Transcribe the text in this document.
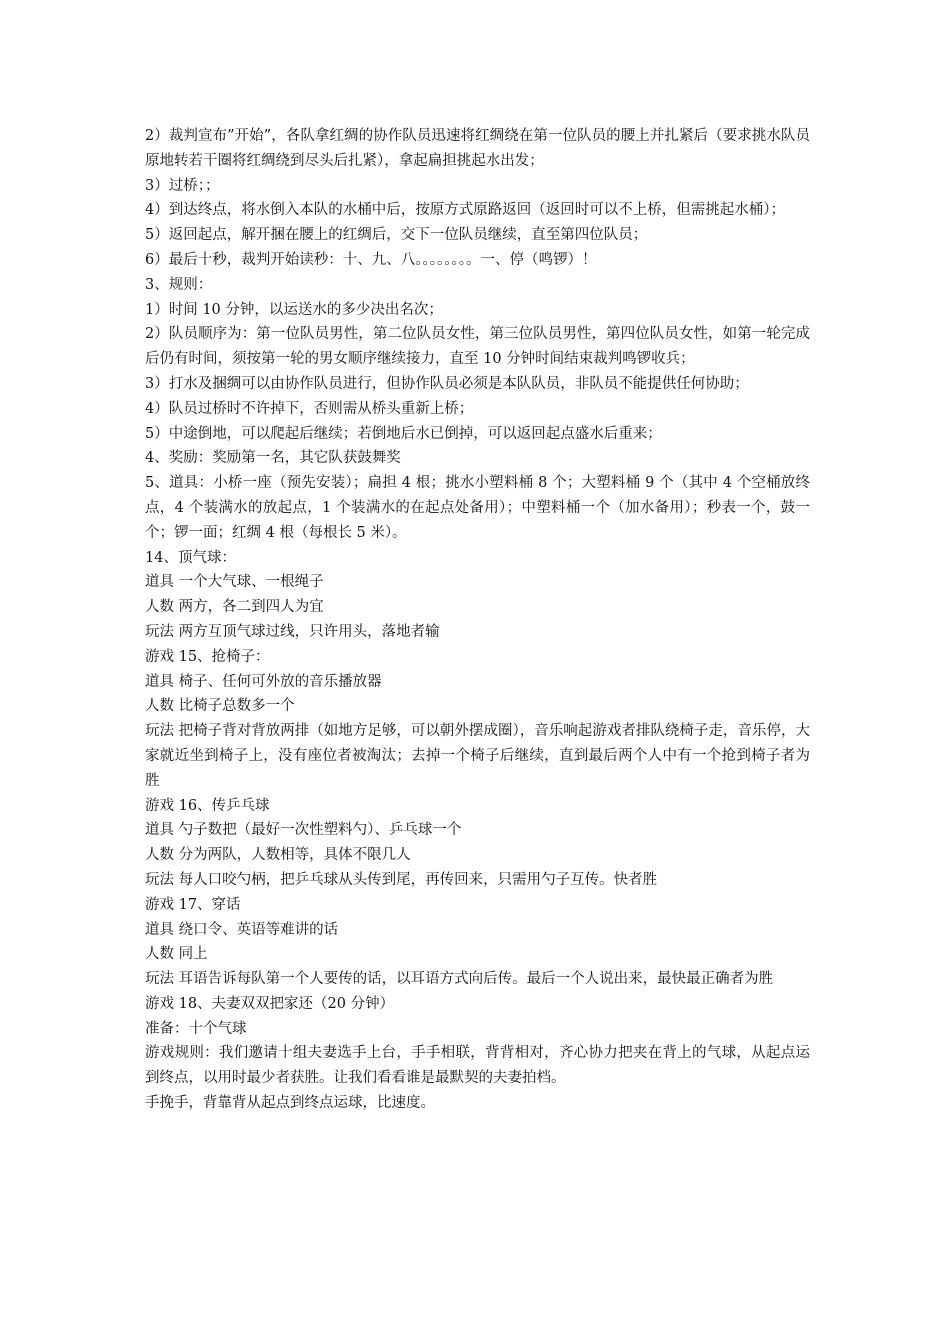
2）裁判宣布”开始”，各队拿红绸的协作队员迅速将红绸绕在第一位队员的腰上并扎紧后（要求挑水队员原地转若干圈将红绸绕到尽头后扎紧），拿起扁担挑起水出发；

3）过桥；；

4）到达终点，将水倒入本队的水桶中后，按原方式原路返回（返回时可以不上桥，但需挑起水桶）；

5）返回起点，解开捆在腰上的红绸后，交下一位队员继续，直至第四位队员；

6）最后十秒，裁判开始读秒：十、九、八。。。。。。。。一、停（鸣锣）！

3、规则：

1）时间 10 分钟，以运送水的多少决出名次；

2）队员顺序为：第一位队员男性，第二位队员女性，第三位队员男性，第四位队员女性，如第一轮完成后仍有时间，须按第一轮的男女顺序继续接力，直至 10 分钟时间结束裁判鸣锣收兵；

3）打水及捆绸可以由协作队员进行，但协作队员必须是本队队员，非队员不能提供任何协助；

4）队员过桥时不许掉下，否则需从桥头重新上桥；

5）中途倒地，可以爬起后继续；若倒地后水已倒掉，可以返回起点盛水后重来；

4、奖励：奖励第一名，其它队获鼓舞奖

5、道具：小桥一座（预先安装）；扁担 4 根；挑水小塑料桶 8 个；大塑料桶 9 个（其中 4 个空桶放终点，4 个装满水的放起点，1 个装满水的在起点处备用）；中塑料桶一个（加水备用）；秒表一个，鼓一个；锣一面；红绸 4 根（每根长 5 米）。

14、顶气球：

道具 一个大气球、一根绳子

人数 两方，各二到四人为宜

玩法 两方互顶气球过线，只许用头，落地者输

游戏 15、抢椅子：

道具 椅子、任何可外放的音乐播放器

人数 比椅子总数多一个

玩法 把椅子背对背放两排（如地方足够，可以朝外摆成圈），音乐响起游戏者排队绕椅子走，音乐停，大家就近坐到椅子上，没有座位者被淘汰；去掉一个椅子后继续，直到最后两个人中有一个抢到椅子者为胜

游戏 16、传乒乓球

道具 勺子数把（最好一次性塑料勺）、乒乓球一个

人数 分为两队，人数相等，具体不限几人

玩法 每人口咬勺柄，把乒乓球从头传到尾，再传回来，只需用勺子互传。快者胜

游戏 17、穿话

道具 绕口令、英语等难讲的话

人数 同上

玩法 耳语告诉每队第一个人要传的话，以耳语方式向后传。最后一个人说出来，最快最正确者为胜

游戏 18、夫妻双双把家还（20 分钟）

准备：十个气球

游戏规则：我们邀请十组夫妻选手上台，手手相联，背背相对，齐心协力把夹在背上的气球，从起点运到终点，以用时最少者获胜。让我们看看谁是最默契的夫妻拍档。

手挽手，背靠背从起点到终点运球，比速度。
